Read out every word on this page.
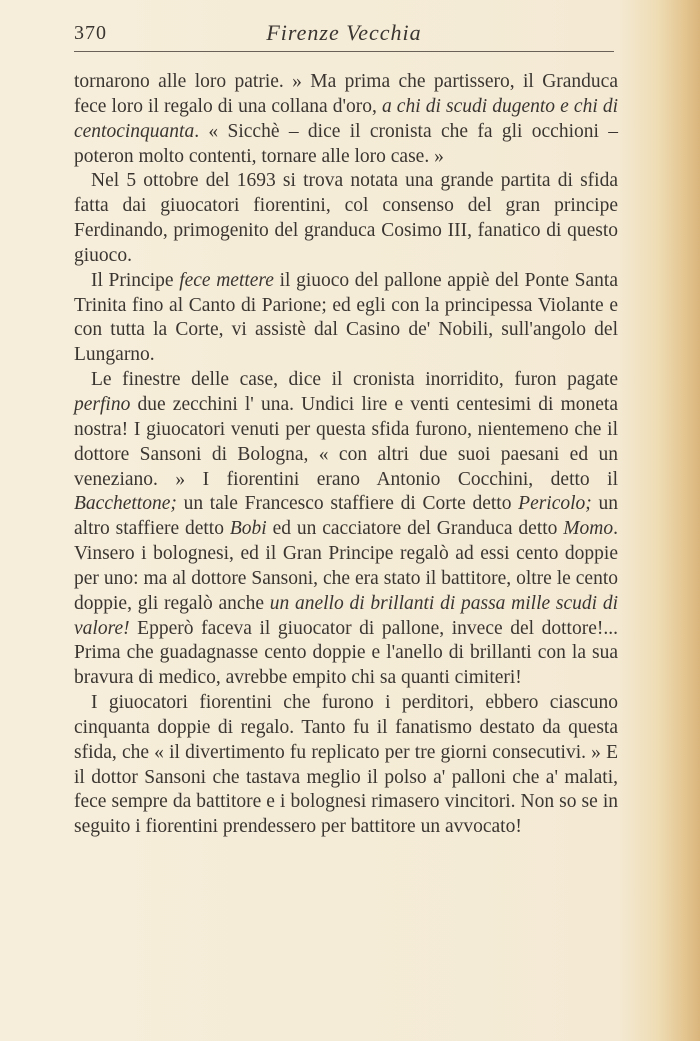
370	Firenze Vecchia

tornarono alle loro patrie. » Ma prima che partissero, il Granduca fece loro il regalo di una collana d'oro, a chi di scudi dugento e chi di centocinquanta. « Sicchè – dice il cronista che fa gli occhioni – poteron molto contenti, tornare alle loro case. »

Nel 5 ottobre del 1693 si trova notata una grande partita di sfida fatta dai giuocatori fiorentini, col consenso del gran principe Ferdinando, primogenito del granduca Cosimo III, fanatico di questo giuoco.

Il Principe fece mettere il giuoco del pallone appiè del Ponte Santa Trinita fino al Canto di Parione; ed egli con la principessa Violante e con tutta la Corte, vi assistè dal Casino de' Nobili, sull'angolo del Lungarno.

Le finestre delle case, dice il cronista inorridito, furon pagate perfino due zecchini l' una. Undici lire e venti centesimi di moneta nostra! I giuocatori venuti per questa sfida furono, nientemeno che il dottore Sansoni di Bologna, « con altri due suoi paesani ed un veneziano. » I fiorentini erano Antonio Cocchini, detto il Bacchettone; un tale Francesco staffiere di Corte detto Pericolo; un altro staffiere detto Bobi ed un cacciatore del Granduca detto Momo. Vinsero i bolognesi, ed il Gran Principe regalò ad essi cento doppie per uno: ma al dottore Sansoni, che era stato il battitore, oltre le cento doppie, gli regalò anche un anello di brillanti di passa mille scudi di valore! Epperò faceva il giuocator di pallone, invece del dottore!... Prima che guadagnasse cento doppie e l'anello di brillanti con la sua bravura di medico, avrebbe empito chi sa quanti cimiteri!

I giuocatori fiorentini che furono i perditori, ebbero ciascuno cinquanta doppie di regalo. Tanto fu il fanatismo destato da questa sfida, che « il divertimento fu replicato per tre giorni consecutivi. » E il dottor Sansoni che tastava meglio il polso a' palloni che a' malati, fece sempre da battitore e i bolognesi rimasero vincitori. Non so se in seguito i fiorentini prendessero per battitore un avvocato!
